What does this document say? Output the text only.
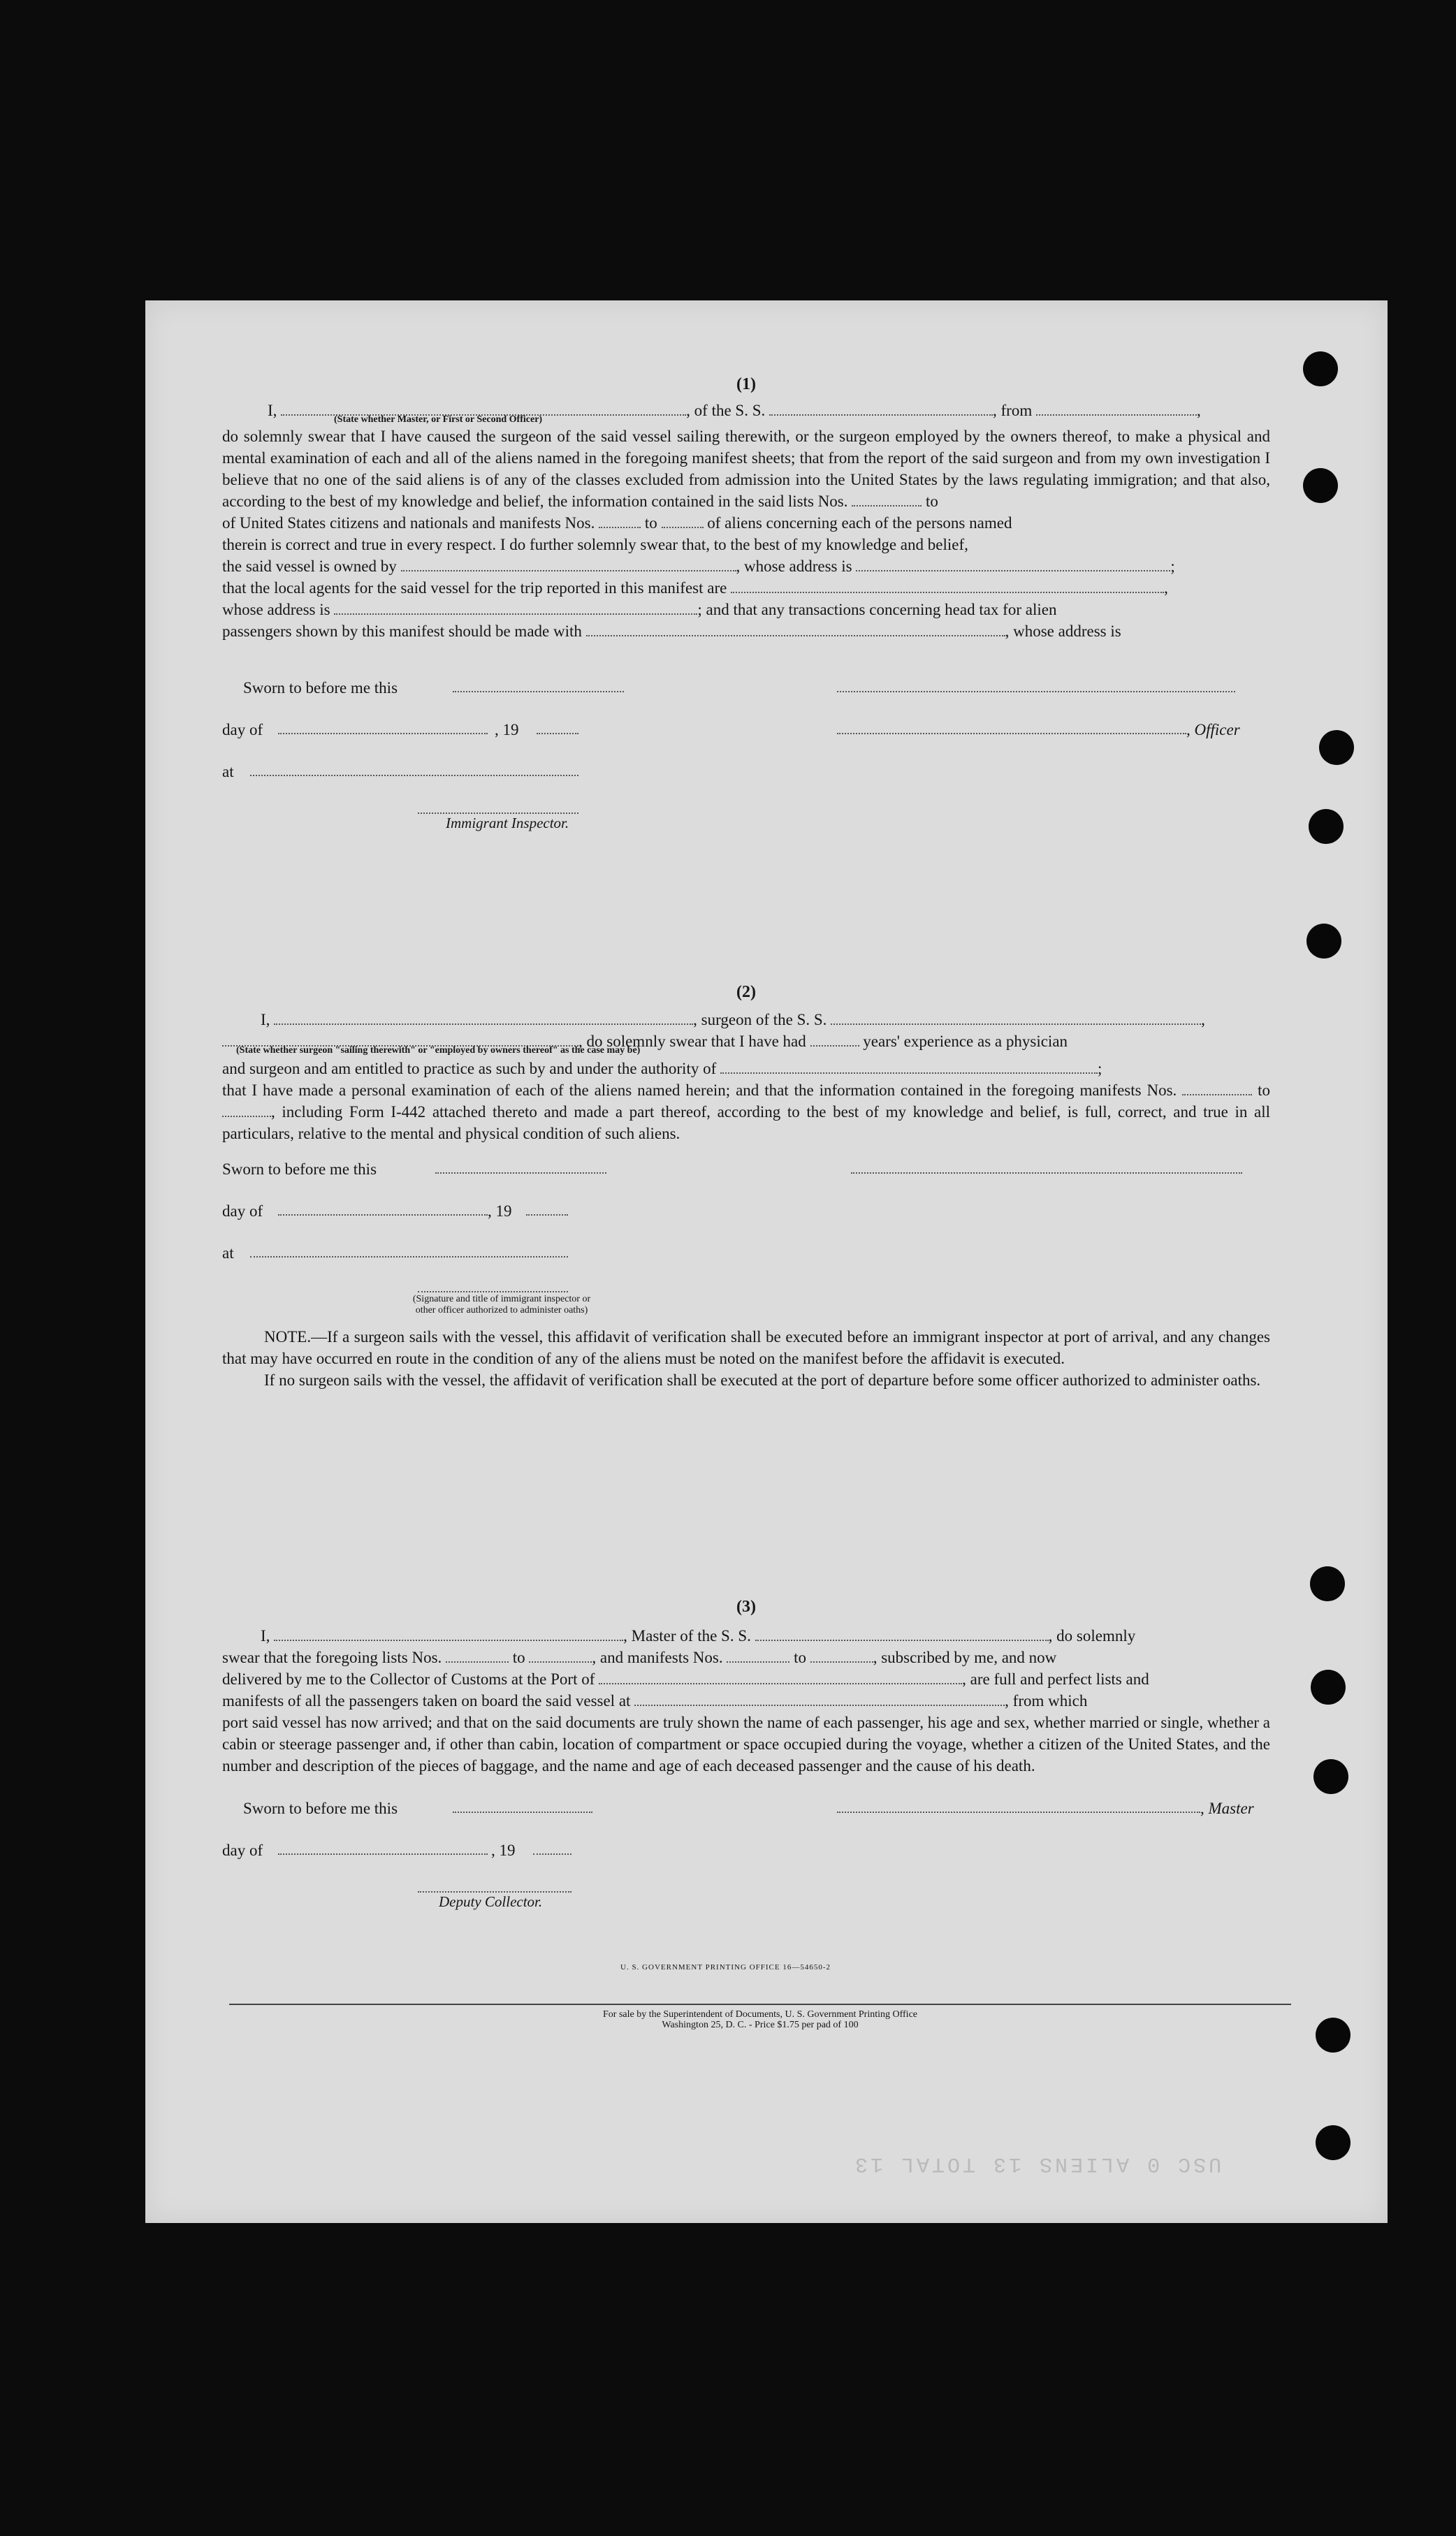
(1)
I,	, of the S. S.	, from	,
(State whether Master, or First or Second Officer)

do solemnly swear that I have caused the surgeon of the said vessel sailing therewith, or the surgeon employed by the owners thereof, to make a physical and mental examination of each and all of the aliens named in the foregoing manifest sheets; that from the report of the said surgeon and from my own investigation I believe that no one of the said aliens is of any of the classes excluded from admission into the United States by the laws regulating immigration; and that also, according to the best of my knowledge and belief, the information contained in the said lists Nos.	to

of United States citizens and nationals and manifests Nos.	to	of aliens concerning each of the persons named

therein is correct and true in every respect. I do further solemnly swear that, to the best of my knowledge and belief,

the said vessel is owned by	, whose address is	;
that the local agents for the said vessel for the trip reported in this manifest are	,
whose address is	; and that any transactions concerning head tax for alien
passengers shown by this manifest should be made with	, whose address is
Sworn to before me this
day of	, 19	, Officer
at
Immigrant Inspector.
(2)
I,	, surgeon of the S. S.	,
, do solemnly swear that I have had	years' experience as a physician
(State whether surgeon "sailing therewith" or "employed by owners thereof" as the case may be)
and surgeon and am entitled to practice as such by and under the authority of	;

that I have made a personal examination of each of the aliens named herein; and that the information contained in the foregoing manifests Nos.	to , including Form I-442 attached thereto and made a part thereof, according to the best of my knowledge and belief, is full, correct, and true in all particulars, relative to the mental and physical condition of such aliens.

Sworn to before me this
day of	, 19
at
(Signature and title of immigrant inspector or other officer authorized to administer oaths)

NOTE.—If a surgeon sails with the vessel, this affidavit of verification shall be executed before an immigrant inspector at port of arrival, and any changes that may have occurred en route in the condition of any of the aliens must be noted on the manifest before the affidavit is executed.

If no surgeon sails with the vessel, the affidavit of verification shall be executed at the port of departure before some officer authorized to administer oaths.

(3)
I,	, Master of the S. S.	, do solemnly
swear that the foregoing lists Nos.	to	, and manifests Nos.	to	, subscribed by me, and now
delivered by me to the Collector of Customs at the Port of	, are full and perfect lists and
manifests of all the passengers taken on board the said vessel at	, from which

port said vessel has now arrived; and that on the said documents are truly shown the name of each passenger, his age and sex, whether married or single, whether a cabin or steerage passenger and, if other than cabin, location of compartment or space occupied during the voyage, whether a citizen of the United States, and the number and description of the pieces of baggage, and the name and age of each deceased passenger and the cause of his death.

Sworn to before me this	, Master
day of	, 19
Deputy Collector.
U. S. GOVERNMENT PRINTING OFFICE 16—54650-2
For sale by the Superintendent of Documents, U. S. Government Printing Office
Washington 25, D. C. - Price $1.75 per pad of 100
USC 0 ALIENS 13 TOTAL 13
